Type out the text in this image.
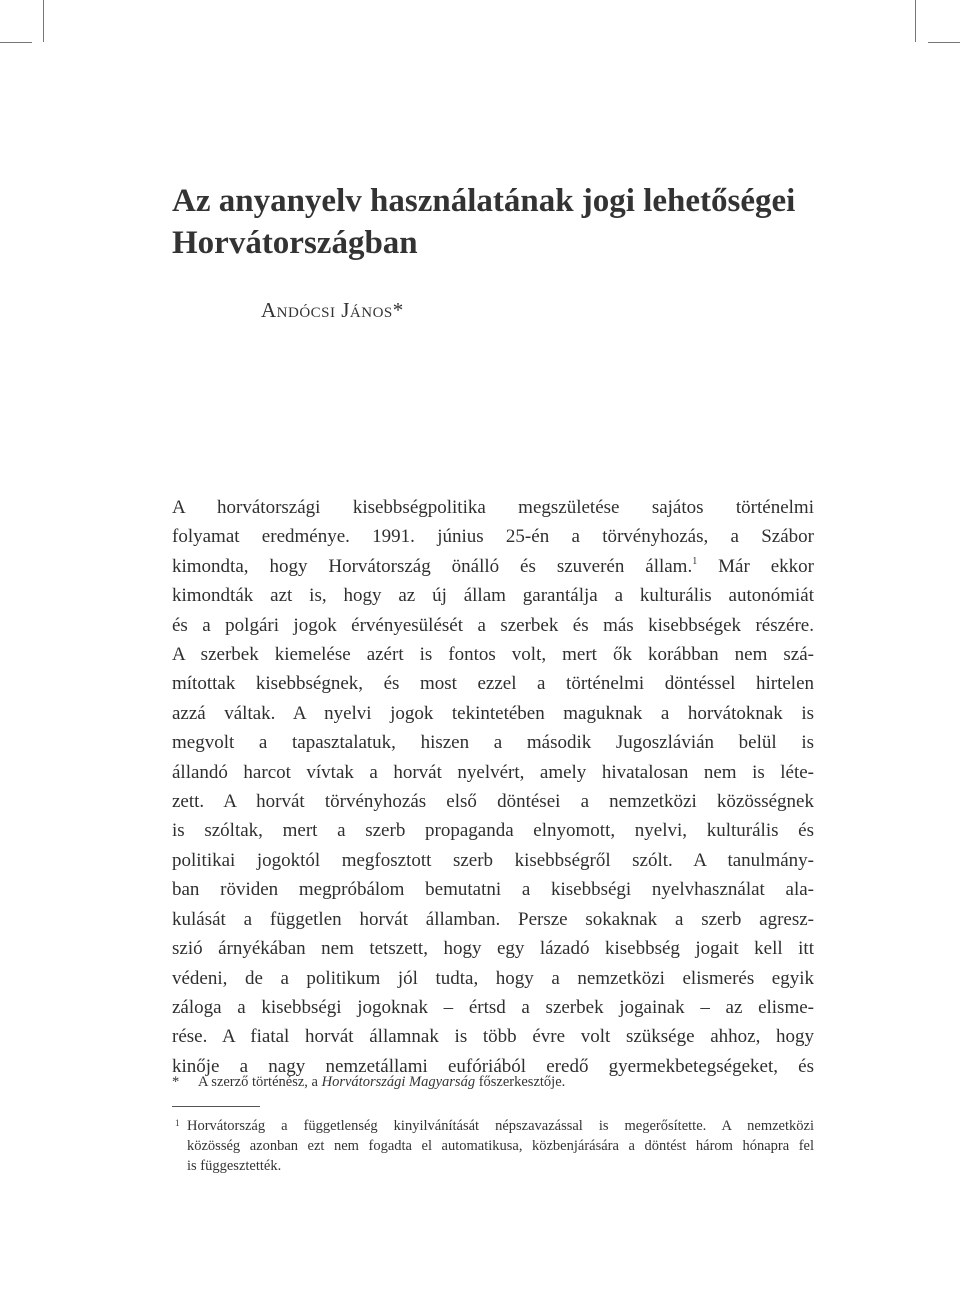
Az anyanyelv használatának jogi lehetőségei
Horvátországban
Andócsi János*
A horvátországi kisebbségpolitika megszületése sajátos történelmi
folyamat eredménye. 1991. június 25-én a törvényhozás, a Szábor
kimondta, hogy Horvátország önálló és szuverén állam.$^1$ Már ekkor
kimondták azt is, hogy az új állam garantálja a kulturális autonómiát
és a polgári jogok érvényesülését a szerbek és más kisebbségek részére.
A szerbek kiemelése azért is fontos volt, mert ők korábban nem szá-
mítottak kisebbségnek, és most ezzel a történelmi döntéssel hirtelen
azzá váltak. A nyelvi jogok tekintetében maguknak a horvátoknak is
megvolt a tapasztalatuk, hiszen a második Jugoszlávián belül is
állandó harcot vívtak a horvát nyelvért, amely hivatalosan nem is léte-
zett. A horvát törvényhozás első döntései a nemzetközi közösségnek
is szóltak, mert a szerb propaganda elnyomott, nyelvi, kulturális és
politikai jogoktól megfosztott szerb kisebbségről szólt. A tanulmány-
ban röviden megpróbálom bemutatni a kisebbségi nyelvhasználat ala-
kulását a független horvát államban. Persze sokaknak a szerb agresz-
szió árnyékában nem tetszett, hogy egy lázadó kisebbség jogait kell itt
védeni, de a politikum jól tudta, hogy a nemzetközi elismerés egyik
záloga a kisebbségi jogoknak – értsd a szerbek jogainak – az elisme-
rése. A fiatal horvát államnak is több évre volt szüksége ahhoz, hogy
kinője a nagy nemzetállami eufóriából eredő gyermekbetegségeket, és
* A szerző történész, a Horvátországi Magyarság főszerkesztője.
1 Horvátország a függetlenség kinyilvánítását népszavazással is megerősítette. A nemzetközi
közösség azonban ezt nem fogadta el automatikusa, közbenjárására a döntést három hónapra fel
is függesztették.
